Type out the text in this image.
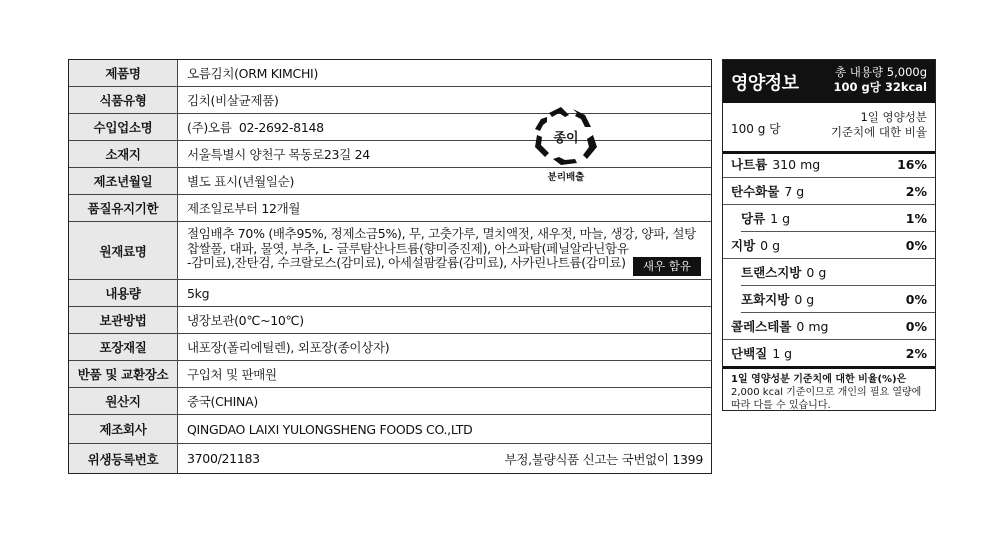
제품명	오름김치(ORM KIMCHI)
식품유형	김치(비살균제품)
수입업소명	(주)오름  02-2692-8148
소재지	서울특별시 양천구 목동로23길 24
제조년월일	별도 표시(년월일순)
품질유지기한	제조일로부터 12개월
원재료명
절임배추 70% (배추95%, 정제소금5%), 무, 고춧가루, 멸치액젓, 새우젓, 마늘, 생강, 양파, 설탕
찹쌀풀, 대파, 물엿, 부추, L- 글루탐산나트륨(향미증진제), 아스파탐(페닐알라닌함유
-감미료),잔탄검, 수크랄로스(감미료), 아세설팜칼륨(감미료), 사카린나트륨(감미료)	새우 함유
내용량	5kg
보관방법	냉장보관(0℃~10℃)
포장재질	내포장(폴리에틸렌), 외포장(종이상자)
반품 및 교환장소	구입처 및 판매원
원산지	중국(CHINA)
제조회사	QINGDAO LAIXI YULONGSHENG FOODS CO.,LTD
위생등록번호	3700/21183	부정,불량식품 신고는 국번없이 1399
종이
분리배출
영양정보
총 내용량 5,000g
100 g당 32kcal
100 g 당
1일 영양성분
기준치에 대한 비율
나트륨 310 mg	16%
탄수화물 7 g	2%
당류 1 g	1%
지방 0 g	0%
트랜스지방 0 g
포화지방 0 g	0%
콜레스테롤 0 mg	0%
단백질 1 g	2%
1일 영양성분 기준치에 대한 비율(%)은
2,000 kcal 기준이므로 개인의 필요 열량에
따라 다를 수 있습니다.
